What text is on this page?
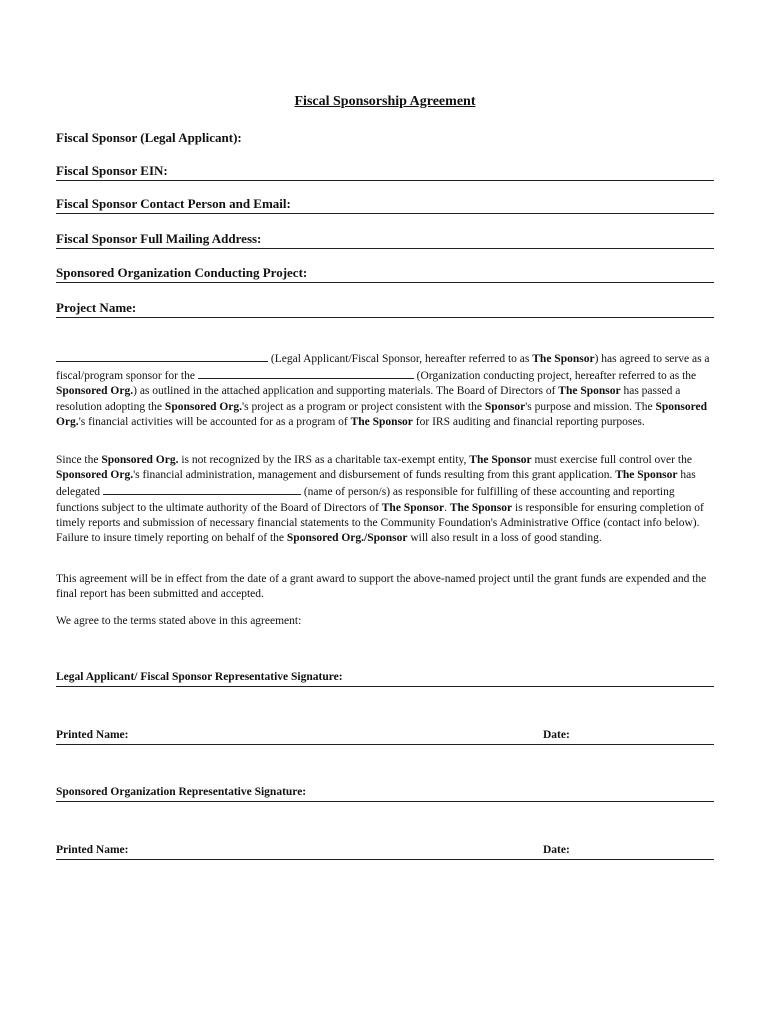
Fiscal Sponsorship Agreement
Fiscal Sponsor (Legal Applicant):
Fiscal Sponsor EIN:
Fiscal Sponsor Contact Person and Email:
Fiscal Sponsor Full Mailing Address:
Sponsored Organization Conducting Project:
Project Name:
(Legal Applicant/Fiscal Sponsor, hereafter referred to as The Sponsor) has agreed to serve as a fiscal/program sponsor for the	(Organization conducting project, hereafter referred to as the Sponsored Org.) as outlined in the attached application and supporting materials. The Board of Directors of The Sponsor has passed a resolution adopting the Sponsored Org.'s project as a program or project consistent with the Sponsor's purpose and mission. The Sponsored Org.'s financial activities will be accounted for as a program of The Sponsor for IRS auditing and financial reporting purposes.
Since the Sponsored Org. is not recognized by the IRS as a charitable tax-exempt entity, The Sponsor must exercise full control over the Sponsored Org.'s financial administration, management and disbursement of funds resulting from this grant application. The Sponsor has delegated	(name of person/s) as responsible for fulfilling of these accounting and reporting functions subject to the ultimate authority of the Board of Directors of The Sponsor. The Sponsor is responsible for ensuring completion of timely reports and submission of necessary financial statements to the Community Foundation's Administrative Office (contact info below). Failure to insure timely reporting on behalf of the Sponsored Org./Sponsor will also result in a loss of good standing.
This agreement will be in effect from the date of a grant award to support the above-named project until the grant funds are expended and the final report has been submitted and accepted.
We agree to the terms stated above in this agreement:
Legal Applicant/ Fiscal Sponsor Representative Signature:
Printed Name:	Date:
Sponsored Organization Representative Signature:
Printed Name:	Date:
